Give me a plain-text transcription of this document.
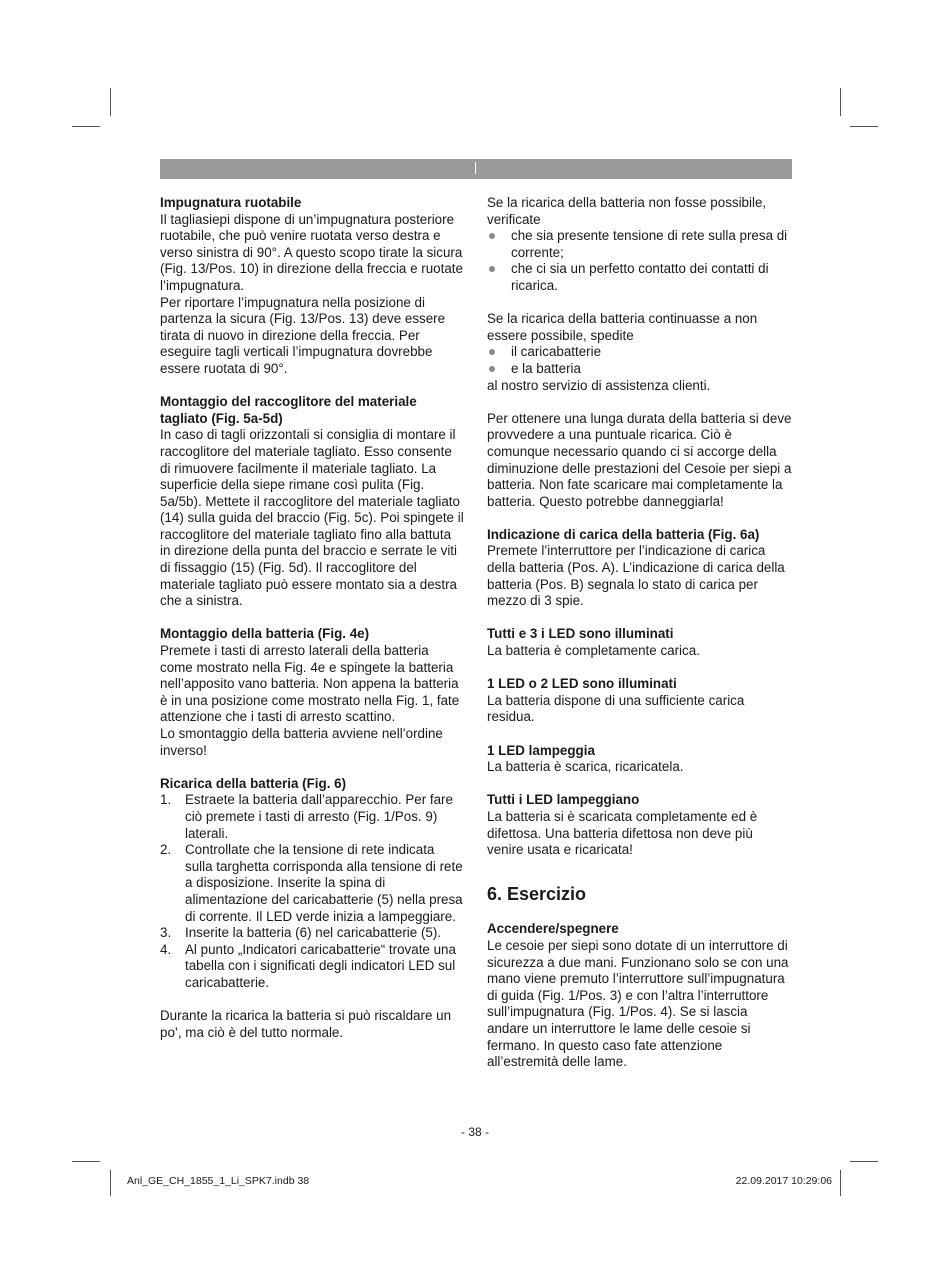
Impugnatura ruotabile

Il tagliasiepi dispone di un’impugnatura posteriore ruotabile, che può venire ruotata verso destra e verso sinistra di 90°. A questo scopo tirate la sicura (Fig. 13/Pos. 10) in direzione della freccia e ruotate l’impugnatura.

Per riportare l’impugnatura nella posizione di partenza la sicura (Fig. 13/Pos. 13) deve essere tirata di nuovo in direzione della freccia. Per eseguire tagli verticali l’impugnatura dovrebbe essere ruotata di 90°.

Montaggio del raccoglitore del materiale tagliato (Fig. 5a-5d)

In caso di tagli orizzontali si consiglia di montare il raccoglitore del materiale tagliato. Esso consente di rimuovere facilmente il materiale tagliato. La superficie della siepe rimane così pulita (Fig. 5a/5b). Mettete il raccoglitore del materiale tagliato (14) sulla guida del braccio (Fig. 5c). Poi spingete il raccoglitore del materiale tagliato fino alla battuta in direzione della punta del braccio e serrate le viti di fissaggio (15) (Fig. 5d). Il raccoglitore del materiale tagliato può essere montato sia a destra che a sinistra.

Montaggio della batteria (Fig. 4e)

Premete i tasti di arresto laterali della batteria come mostrato nella Fig. 4e e spingete la batteria nell’apposito vano batteria. Non appena la batteria è in una posizione come mostrato nella Fig. 1, fate attenzione che i tasti di arresto scattino.

Lo smontaggio della batteria avviene nell’ordine inverso!

Ricarica della batteria (Fig. 6)
1. Estraete la batteria dall’apparecchio. Per fare ciò premete i tasti di arresto (Fig. 1/Pos. 9) laterali.
2. Controllate che la tensione di rete indicata sulla targhetta corrisponda alla tensione di rete a disposizione. Inserite la spina di alimentazione del caricabatterie (5) nella presa di corrente. Il LED verde inizia a lampeggiare.
3. Inserite la batteria (6) nel caricabatterie (5).
4. Al punto „Indicatori caricabatterie“ trovate una tabella con i significati degli indicatori LED sul caricabatterie.

Durante la ricarica la batteria si può riscaldare un po’, ma ciò è del tutto normale.

Se la ricarica della batteria non fosse possibile, verificate

che sia presente tensione di rete sulla presa di corrente;
che ci sia un perfetto contatto dei contatti di ricarica.

Se la ricarica della batteria continuasse a non essere possibile, spedite

il caricabatterie
e la batteria

al nostro servizio di assistenza clienti.

Per ottenere una lunga durata della batteria si deve provvedere a una puntuale ricarica. Ciò è comunque necessario quando ci si accorge della diminuzione delle prestazioni del Cesoie per siepi a batteria. Non fate scaricare mai completamente la batteria. Questo potrebbe danneggiarla!

Indicazione di carica della batteria (Fig. 6a)

Premete l’interruttore per l’indicazione di carica della batteria (Pos. A). L’indicazione di carica della batteria (Pos. B) segnala lo stato di carica per mezzo di 3 spie.

Tutti e 3 i LED sono illuminati

La batteria è completamente carica.

1 LED o 2 LED sono illuminati

La batteria dispone di una sufficiente carica residua.

1 LED lampeggia

La batteria è scarica, ricaricatela.

Tutti i LED lampeggiano

La batteria si è scaricata completamente ed è difettosa. Una batteria difettosa non deve più venire usata e ricaricata!

6. Esercizio
Accendere/spegnere

Le cesoie per siepi sono dotate di un interruttore di sicurezza a due mani. Funzionano solo se con una mano viene premuto l’interruttore sull’impugnatura di guida (Fig. 1/Pos. 3) e con l’altra l’interruttore sull’impugnatura (Fig. 1/Pos. 4). Se si lascia andare un interruttore le lame delle cesoie si fermano. In questo caso fate attenzione all’estremità delle lame.

- 38 -
Anl_GE_CH_1855_1_Li_SPK7.indb 38	22.09.2017 10:29:06
